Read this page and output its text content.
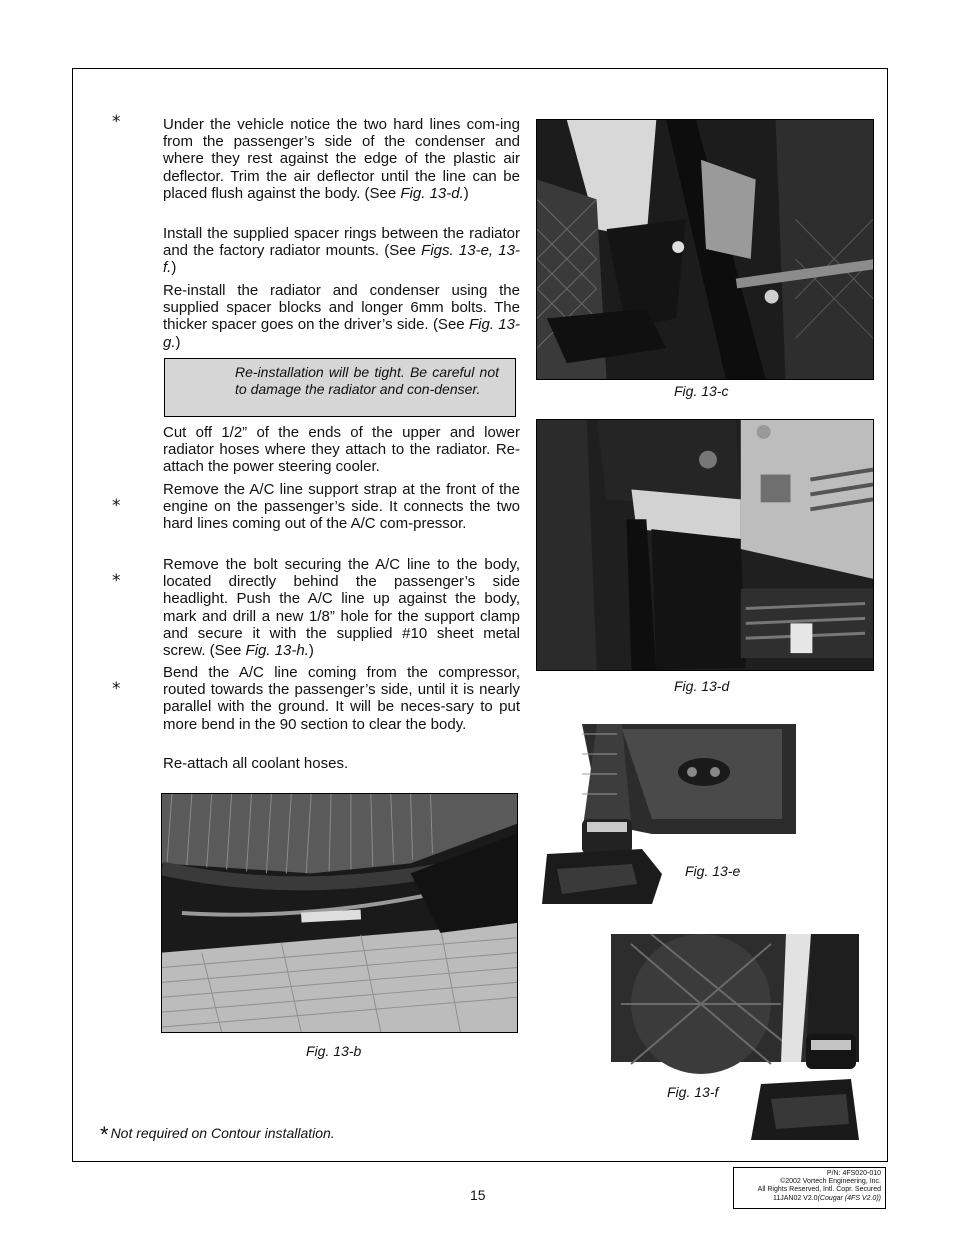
*
*
*
*

Under the vehicle notice the two hard lines com-ing from the passenger’s side of the condenser and where they rest against the edge of the plastic air deflector. Trim the air deflector until the line can be placed flush against the body. (See Fig. 13-d.)

Install the supplied spacer rings between the radiator and the factory radiator mounts. (See Figs. 13-e, 13-f.)

Re-install the radiator and condenser using the supplied spacer blocks and longer 6mm bolts. The thicker spacer goes on the driver’s side. (See Fig. 13-g.)

Re-installation will be tight. Be careful not to damage the radiator and con-denser.

Cut off 1/2” of the ends of the upper and lower radiator hoses where they attach to the radiator. Re-attach the power steering cooler.

Remove the A/C line support strap at the front of the engine on the passenger’s side. It connects the two hard lines coming out of the A/C com-pressor.

Remove the bolt securing the A/C line to the body, located directly behind the passenger’s side headlight. Push the A/C line up against the body, mark and drill a new 1/8” hole for the support clamp and secure it with the supplied #10 sheet metal screw. (See Fig. 13-h.)

Bend the A/C line coming from the compressor, routed towards the passenger’s side, until it is nearly parallel with the ground. It will be neces-sary to put more bend in the 90 section to clear the body.

Re-attach all coolant hoses.

Fig. 13-c
Fig. 13-d
Fig. 13-e
Fig. 13-f
Fig. 13-b
* Not required on Contour installation.
15
P/N: 4FS020-010
©2002 Vortech Engineering, Inc.
All Rights Reserved, Intl. Copr. Secured
11JAN02 V2.0(Cougar (4FS V2.0))
